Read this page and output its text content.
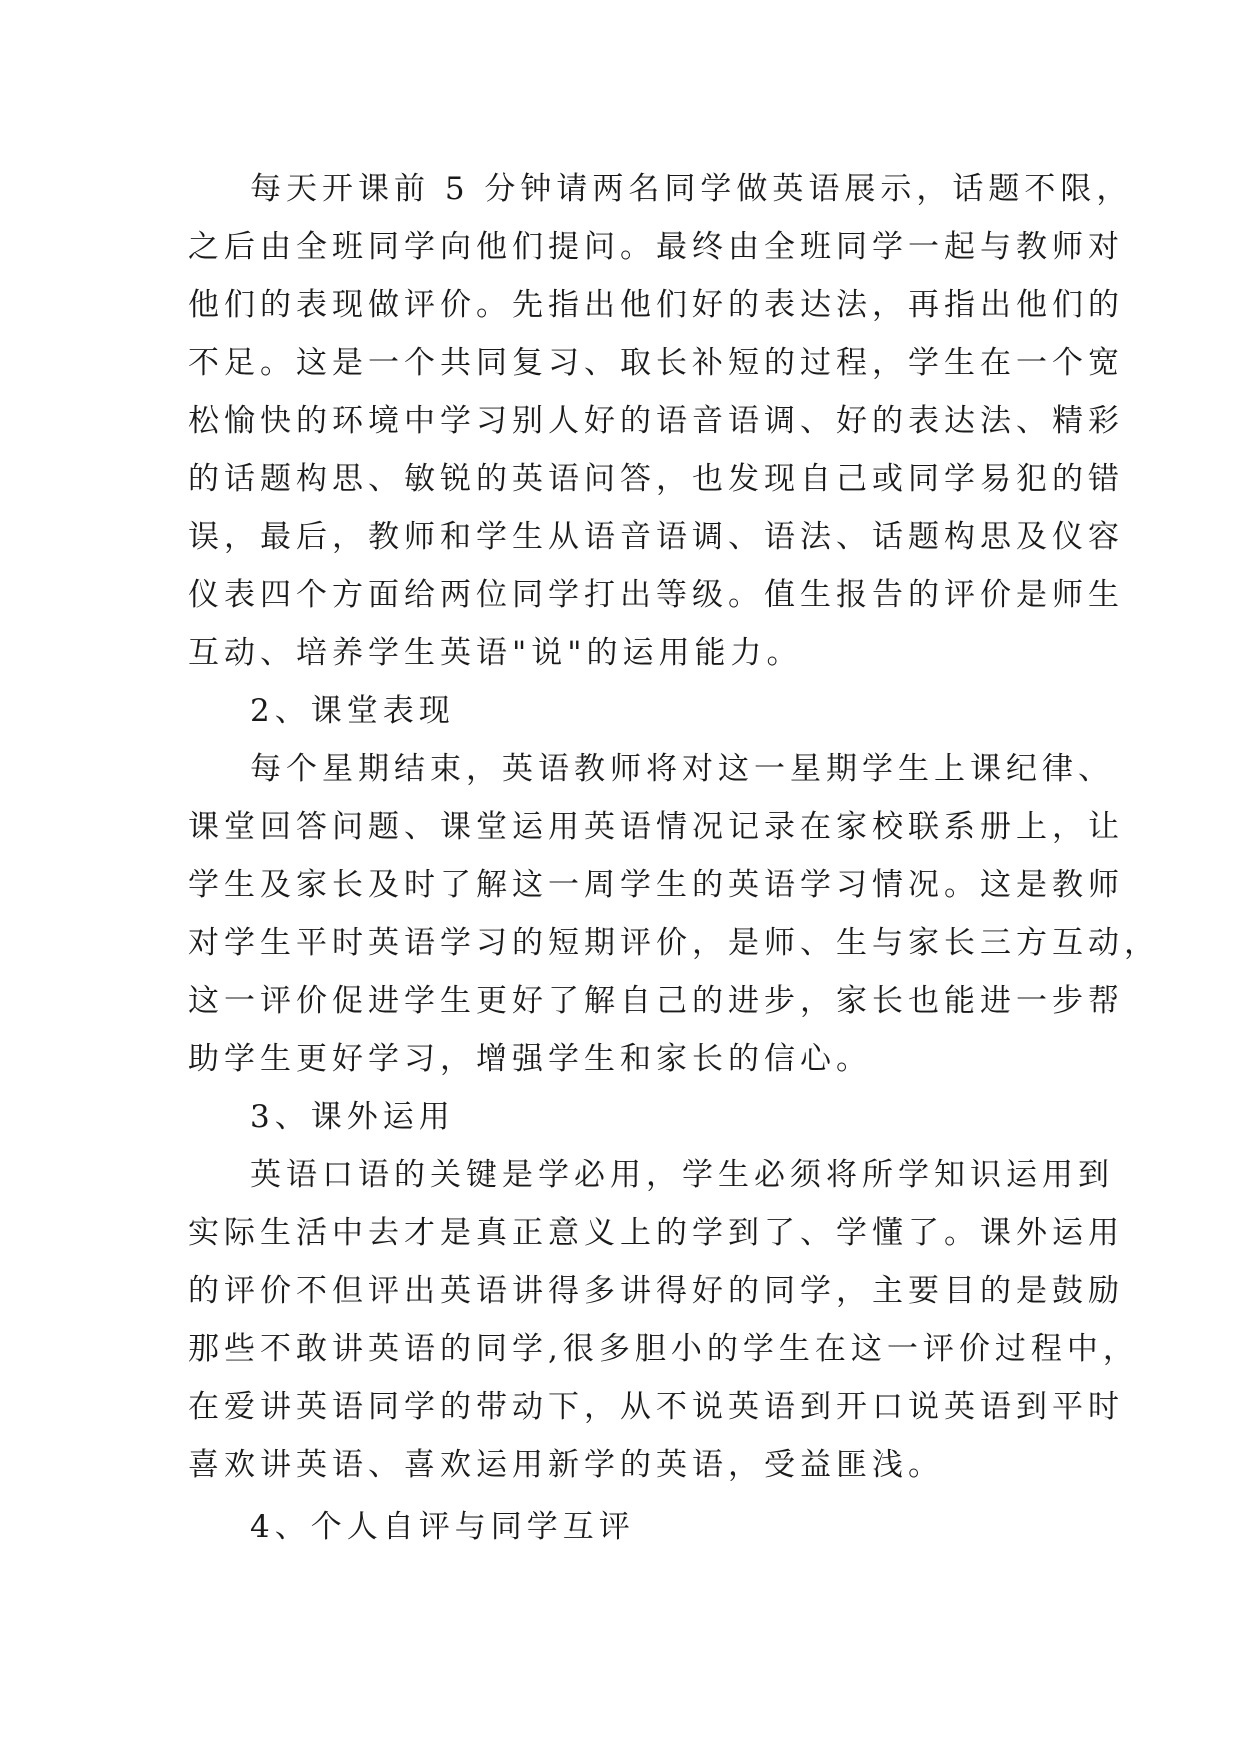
每天开课前 5 分钟请两名同学做英语展示，话题不限，
之后由全班同学向他们提问。最终由全班同学一起与教师对
他们的表现做评价。先指出他们好的表达法，再指出他们的
不足。这是一个共同复习、取长补短的过程，学生在一个宽
松愉快的环境中学习别人好的语音语调、好的表达法、精彩
的话题构思、敏锐的英语问答，也发现自己或同学易犯的错
误，最后，教师和学生从语音语调、语法、话题构思及仪容
仪表四个方面给两位同学打出等级。值生报告的评价是师生
互动、培养学生英语"说"的运用能力。
2、课堂表现
每个星期结束，英语教师将对这一星期学生上课纪律、
课堂回答问题、课堂运用英语情况记录在家校联系册上，让
学生及家长及时了解这一周学生的英语学习情况。这是教师
对学生平时英语学习的短期评价，是师、生与家长三方互动，
这一评价促进学生更好了解自己的进步，家长也能进一步帮
助学生更好学习，增强学生和家长的信心。
3、课外运用
英语口语的关键是学必用，学生必须将所学知识运用到
实际生活中去才是真正意义上的学到了、学懂了。课外运用
的评价不但评出英语讲得多讲得好的同学，主要目的是鼓励
那些不敢讲英语的同学,很多胆小的学生在这一评价过程中，
在爱讲英语同学的带动下，从不说英语到开口说英语到平时
喜欢讲英语、喜欢运用新学的英语，受益匪浅。
4、个人自评与同学互评
